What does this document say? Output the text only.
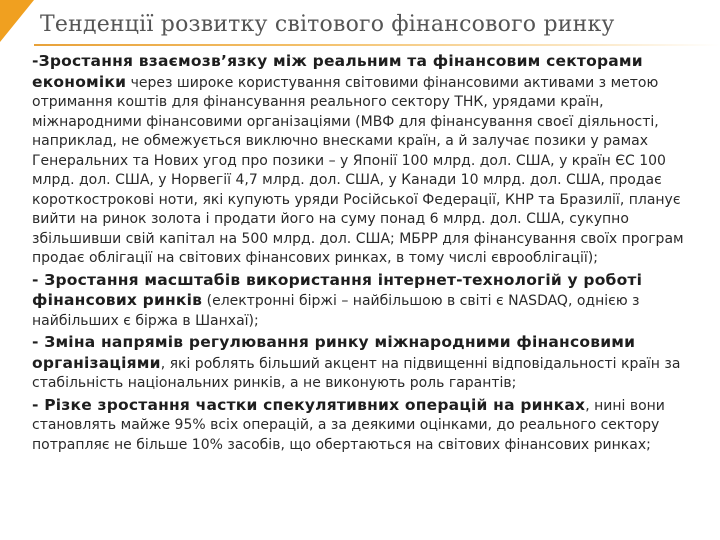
Тенденції розвитку світового фінансового ринку

-Зростання взаємозв’язку між реальним та фінансовим секторами економіки через широке користування світовими фінансовими активами з метою отримання коштів для фінансування реального сектору ТНК, урядами країн, міжнародними фінансовими організаціями (МВФ для фінансування своєї діяльності, наприклад, не обмежується виключно внесками країн, а й залучає позики у рамах Генеральних та Нових угод про позики – у Японії 100 млрд. дол. США, у країн ЄС 100 млрд. дол. США, у Норвегії 4,7 млрд. дол. США, у Канади 10 млрд. дол. США, продає короткострокові ноти, які купують уряди Російської Федерації, КНР та Бразилії, планує вийти на ринок золота і продати його на суму понад 6 млрд. дол. США, сукупно збільшивши свій капітал на 500 млрд. дол. США; МБРР для фінансування своїх програм продає облігації на світових фінансових ринках, в тому числі єврооблігації);

- Зростання масштабів використання інтернет-технологій у роботі фінансових ринків (електронні біржі – найбільшою в світі є NASDAQ, однією з найбільших є біржа в Шанхаї);

- Зміна напрямів регулювання ринку міжнародними фінансовими організаціями, які роблять більший акцент на підвищенні відповідальності країн за стабільність національних ринків, а не виконують роль гарантів;

- Різке зростання частки спекулятивних операцій на ринках, нині вони становлять майже 95% всіх операцій, а за деякими оцінками, до реального сектору потрапляє не більше 10% засобів, що обертаються на світових фінансових ринках;
